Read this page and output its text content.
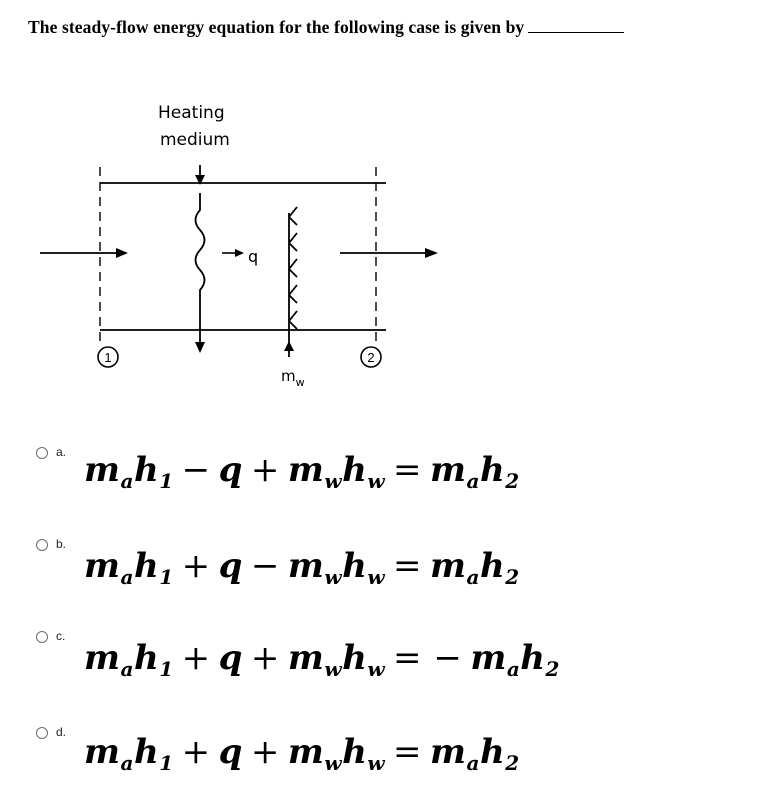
The steady-flow energy equation for the following case is given by
Heating
medium
q
$m_w$
1	2
a. $m_ah_1 - q + m_wh_w = m_ah_2$
b.
$m_ah_1 + q - m_wh_w = m_ah_2$
c.
$m_ah_1 + q + m_wh_w$ = − $m_ah_2$
d. $m_ah_1 + q + m_wh_w = m_ah_2$
